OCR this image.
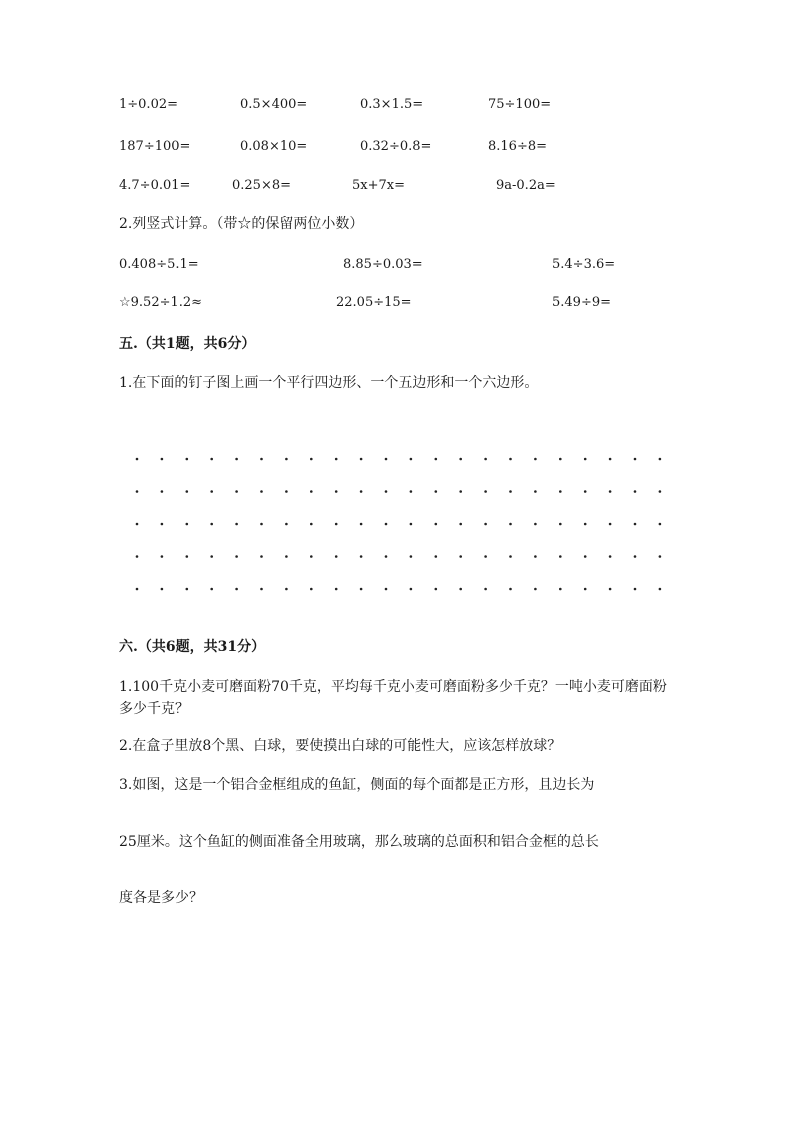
1÷0.02=	0.5×400=	0.3×1.5=	75÷100=
187÷100=	0.08×10=	0.32÷0.8=	8.16÷8=
4.7÷0.01=	0.25×8=	5x+7x=	9a-0.2a=
2.列竖式计算。（带☆的保留两位小数）
0.408÷5.1=	8.85÷0.03=	5.4÷3.6=
☆9.52÷1.2≈	22.05÷15=	5.49÷9=
五.（共1题，共6分）
1.在下面的钉子图上画一个平行四边形、一个五边形和一个六边形。
六.（共6题，共31分）
1.100千克小麦可磨面粉70千克，平均每千克小麦可磨面粉多少千克？一吨小麦可磨面粉多少千克？
2.在盒子里放8个黑、白球，要使摸出白球的可能性大，应该怎样放球？
3.如图，这是一个铝合金框组成的鱼缸，侧面的每个面都是正方形，且边长为
25厘米。这个鱼缸的侧面准备全用玻璃，那么玻璃的总面积和铝合金框的总长
度各是多少？
